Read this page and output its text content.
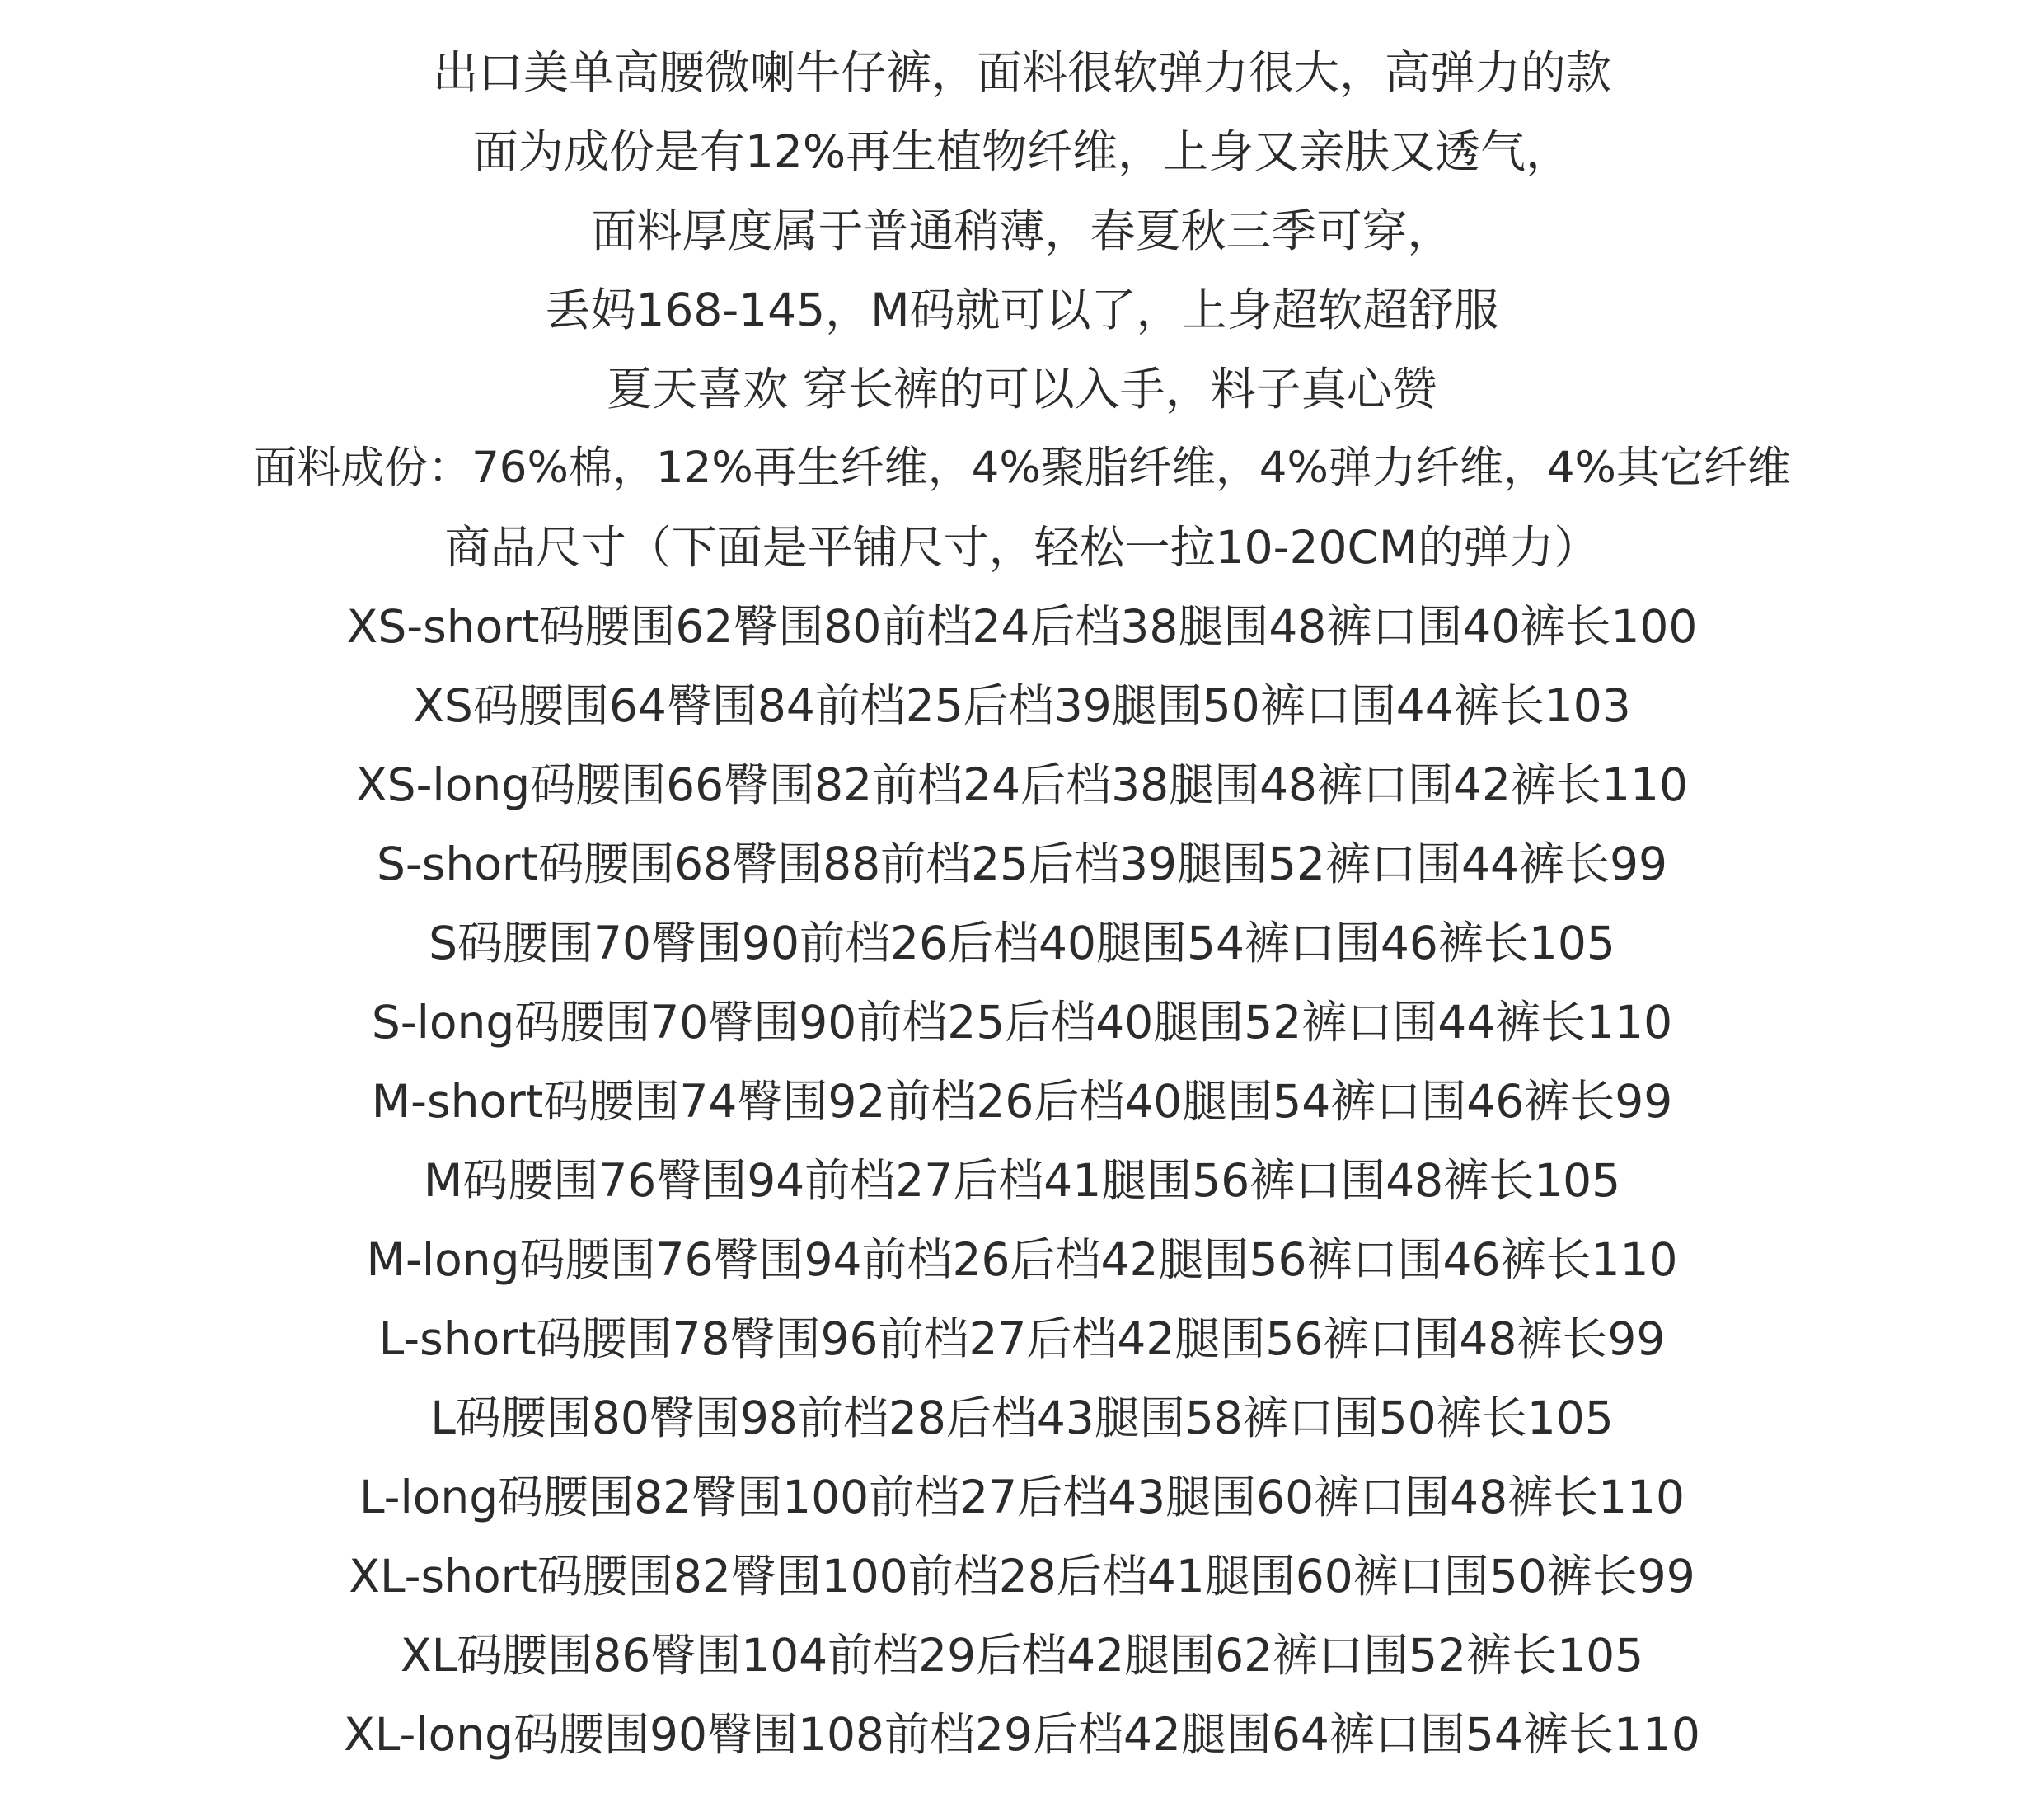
出口美单高腰微喇牛仔裤，面料很软弹力很大，高弹力的款
面为成份是有12%再生植物纤维，上身又亲肤又透气，
面料厚度属于普通稍薄，春夏秋三季可穿，
丢妈168-145，M码就可以了，上身超软超舒服
夏天喜欢 穿长裤的可以入手，料子真心赞
面料成份：76%棉，12%再生纤维，4%聚脂纤维，4%弹力纤维，4%其它纤维
商品尺寸（下面是平铺尺寸，轻松一拉10-20CM的弹力）
XS-short码腰围62臀围80前档24后档38腿围48裤口围40裤长100
XS码腰围64臀围84前档25后档39腿围50裤口围44裤长103
XS-long码腰围66臀围82前档24后档38腿围48裤口围42裤长110
S-short码腰围68臀围88前档25后档39腿围52裤口围44裤长99
S码腰围70臀围90前档26后档40腿围54裤口围46裤长105
S-long码腰围70臀围90前档25后档40腿围52裤口围44裤长110
M-short码腰围74臀围92前档26后档40腿围54裤口围46裤长99
M码腰围76臀围94前档27后档41腿围56裤口围48裤长105
M-long码腰围76臀围94前档26后档42腿围56裤口围46裤长110
L-short码腰围78臀围96前档27后档42腿围56裤口围48裤长99
L码腰围80臀围98前档28后档43腿围58裤口围50裤长105
L-long码腰围82臀围100前档27后档43腿围60裤口围48裤长110
XL-short码腰围82臀围100前档28后档41腿围60裤口围50裤长99
XL码腰围86臀围104前档29后档42腿围62裤口围52裤长105
XL-long码腰围90臀围108前档29后档42腿围64裤口围54裤长110
